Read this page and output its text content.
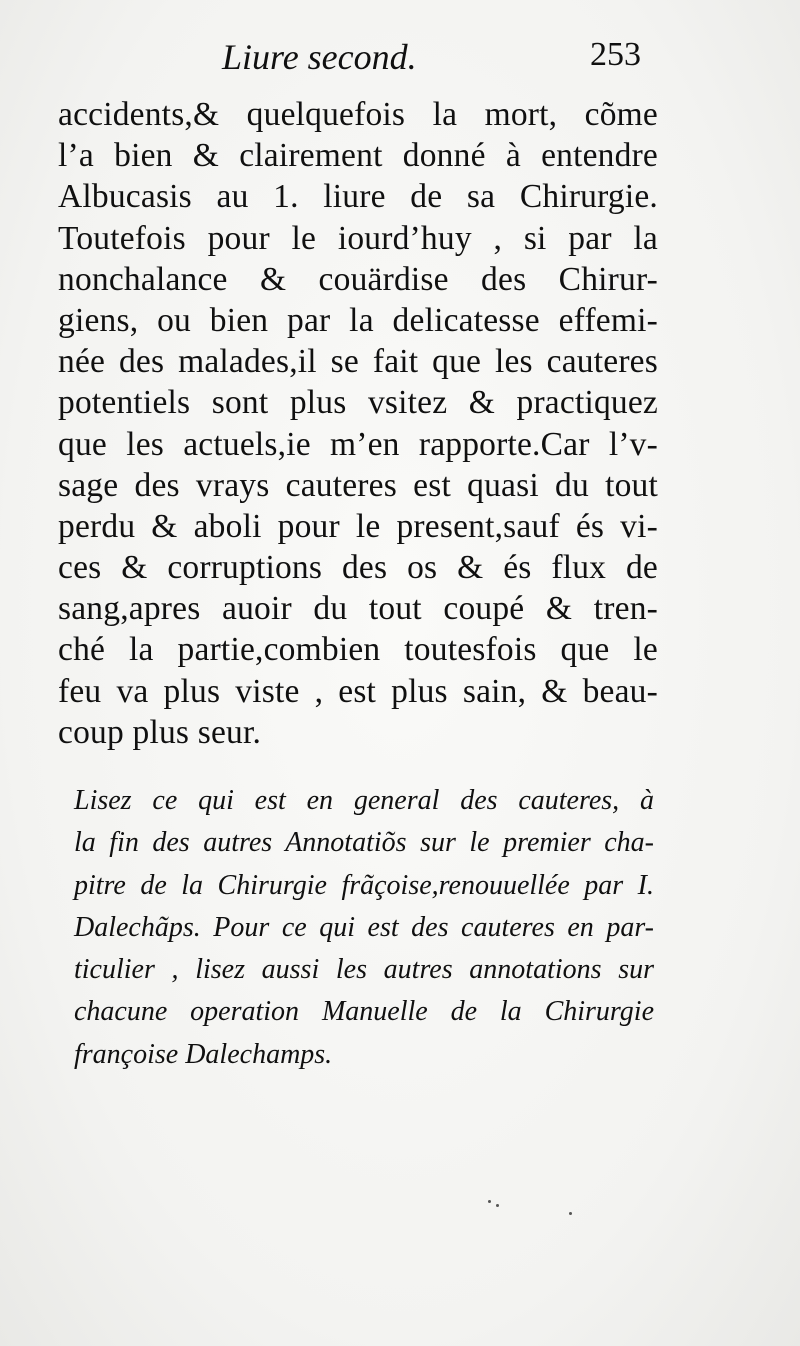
Liure second.	253
accidents,& quelquefois la mort, cõme
l’a bien & clairement donné à entendre
Albucasis au 1. liure de sa Chirurgie.
Toutefois pour le iourd’huy , si par la
nonchalance & couärdise des Chirur-
giens, ou bien par la delicatesse effemi-
née des malades,il se fait que les cauteres
potentiels sont plus vsitez & practiquez
que les actuels,ie m’en rapporte.Car l’v-
sage des vrays cauteres est quasi du tout
perdu & aboli pour le present,sauf és vi-
ces & corruptions des os & és flux de
sang,apres auoir du tout coupé & tren-
ché la partie,combien toutesfois que le
feu va plus viste , est plus sain, & beau-
coup plus seur.
Lisez ce qui est en general des cauteres, à
la fin des autres Annotatiõs sur le premier cha-
pitre de la Chirurgie frãçoise,renouuellée par I.
Dalechãps. Pour ce qui est des cauteres en par-
ticulier , lisez aussi les autres annotations sur
chacune operation Manuelle de la Chirurgie
françoise Dalechamps.
